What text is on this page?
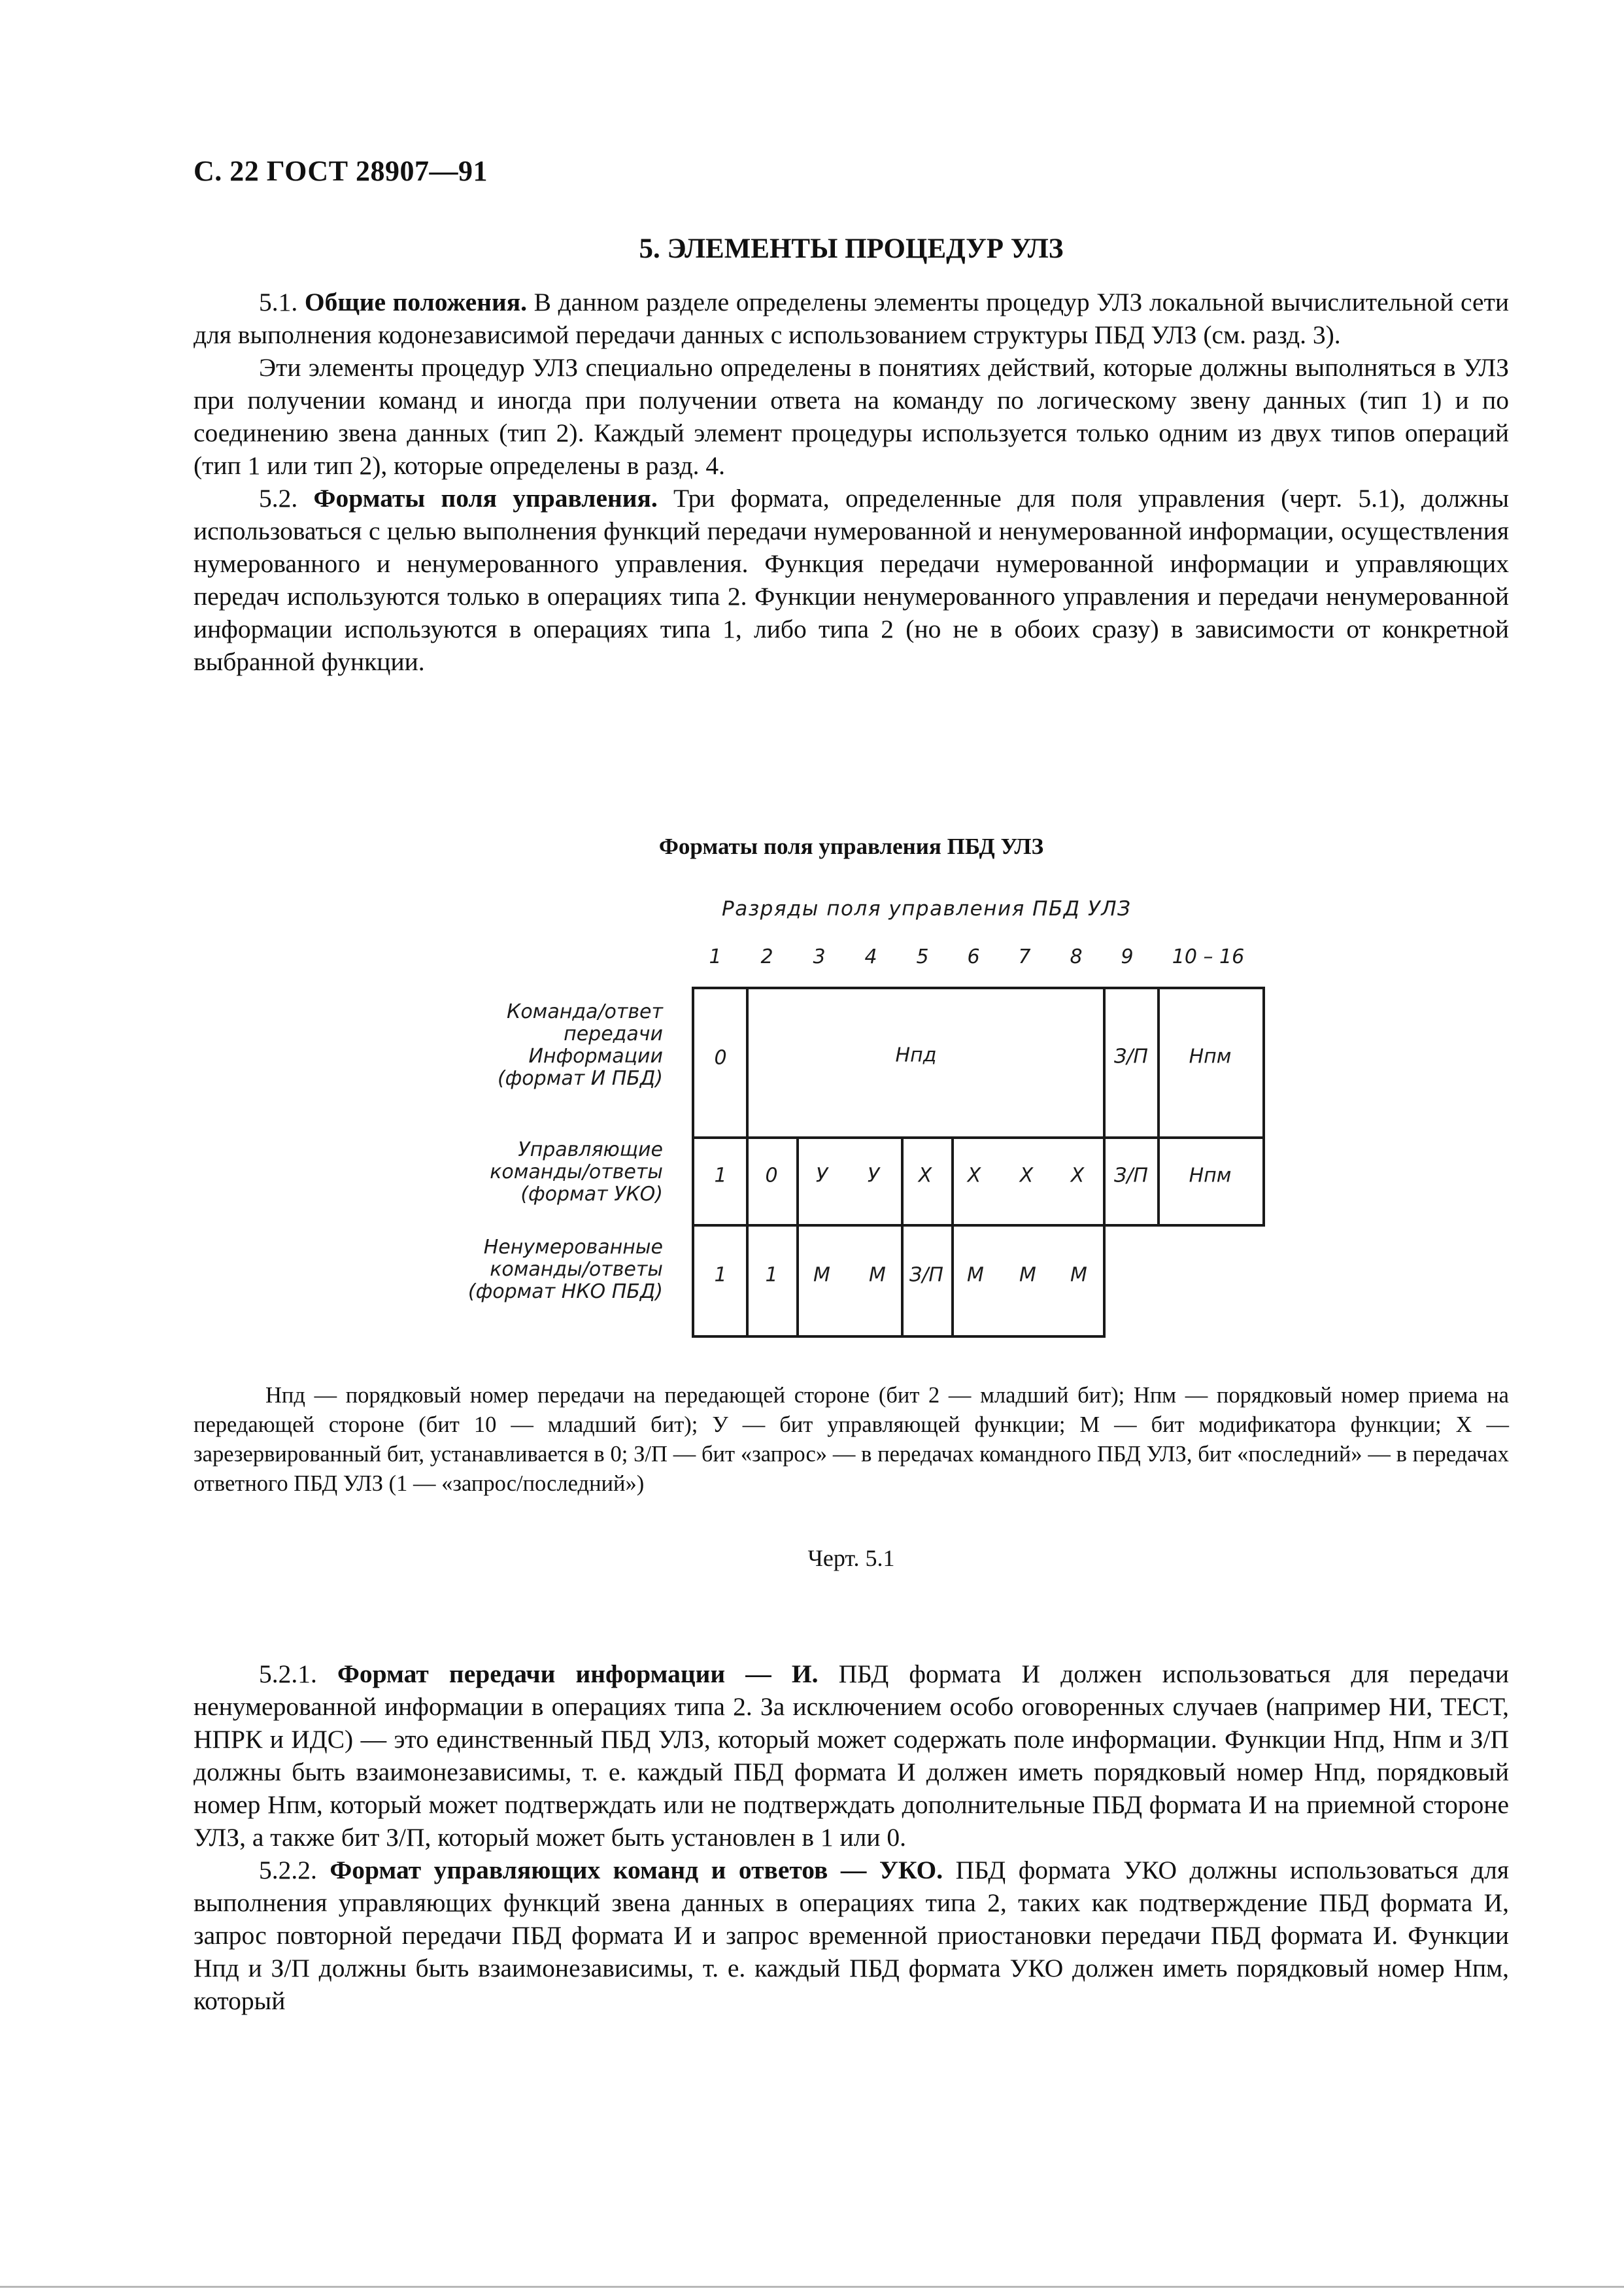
С. 22 ГОСТ 28907—91
5. ЭЛЕМЕНТЫ ПРОЦЕДУР УЛЗ

5.1. Общие положения. В данном разделе определены элементы процедур УЛЗ локальной вычислительной сети для выполнения кодонезависимой передачи данных с использованием структуры ПБД УЛЗ (см. разд. 3).

Эти элементы процедур УЛЗ специально определены в понятиях действий, которые должны выполняться в УЛЗ при получении команд и иногда при получении ответа на команду по логическому звену данных (тип 1) и по соединению звена данных (тип 2). Каждый элемент процедуры используется только одним из двух типов операций (тип 1 или тип 2), которые определены в разд. 4.

5.2. Форматы поля управления. Три формата, определенные для поля управления (черт. 5.1), должны использоваться с целью выполнения функций передачи нумерованной и ненумерованной информации, осуществления нумерованного и ненумерованного управления. Функция передачи нумерованной информации и управляющих передач используются только в операциях типа 2. Функции ненумерованного управления и передачи ненумерованной информации используются в операциях типа 1, либо типа 2 (но не в обоих сразу) в зависимости от конкретной выбранной функции.

Форматы поля управления ПБД УЛЗ
Разряды поля управления ПБД УЛЗ
1 2 3 4 5 6 7 8 9 10 – 16
Команда/ответ
передачи
Информации
(формат И ПБД)
Управляющие
команды/ответы
(формат УКО)
Ненумерованные
команды/ответы
(формат НКО ПБД)
0	Нпд	З/П Нпм
1 0 У У Х Х Х Х З/П Нпм
1 1 М М З/П М М М

Нпд — порядковый номер передачи на передающей стороне (бит 2 — младший бит); Нпм — порядковый номер приема на передающей стороне (бит 10 — младший бит); У — бит управляющей функции; М — бит модификатора функции; Х — зарезервированный бит, устанавливается в 0; З/П — бит «запрос» — в передачах командного ПБД УЛЗ, бит «последний» — в передачах ответного ПБД УЛЗ (1 — «запрос/последний»)

Черт. 5.1

5.2.1. Формат передачи информации — И. ПБД формата И должен использоваться для передачи ненумерованной информации в операциях типа 2. За исключением особо оговоренных случаев (например НИ, ТЕСТ, НПРК и ИДС) — это единственный ПБД УЛЗ, который может содержать поле информации. Функции Нпд, Нпм и З/П должны быть взаимонезависимы, т. е. каждый ПБД формата И должен иметь порядковый номер Нпд, порядковый номер Нпм, который может подтверждать или не подтверждать дополнительные ПБД формата И на приемной стороне УЛЗ, а также бит З/П, который может быть установлен в 1 или 0.

5.2.2. Формат управляющих команд и ответов — УКО. ПБД формата УКО должны использоваться для выполнения управляющих функций звена данных в операциях типа 2, таких как подтверждение ПБД формата И, запрос повторной передачи ПБД формата И и запрос временной приостановки передачи ПБД формата И. Функции Нпд и З/П должны быть взаимонезависимы, т. е. каждый ПБД формата УКО должен иметь порядковый номер Нпм, который
